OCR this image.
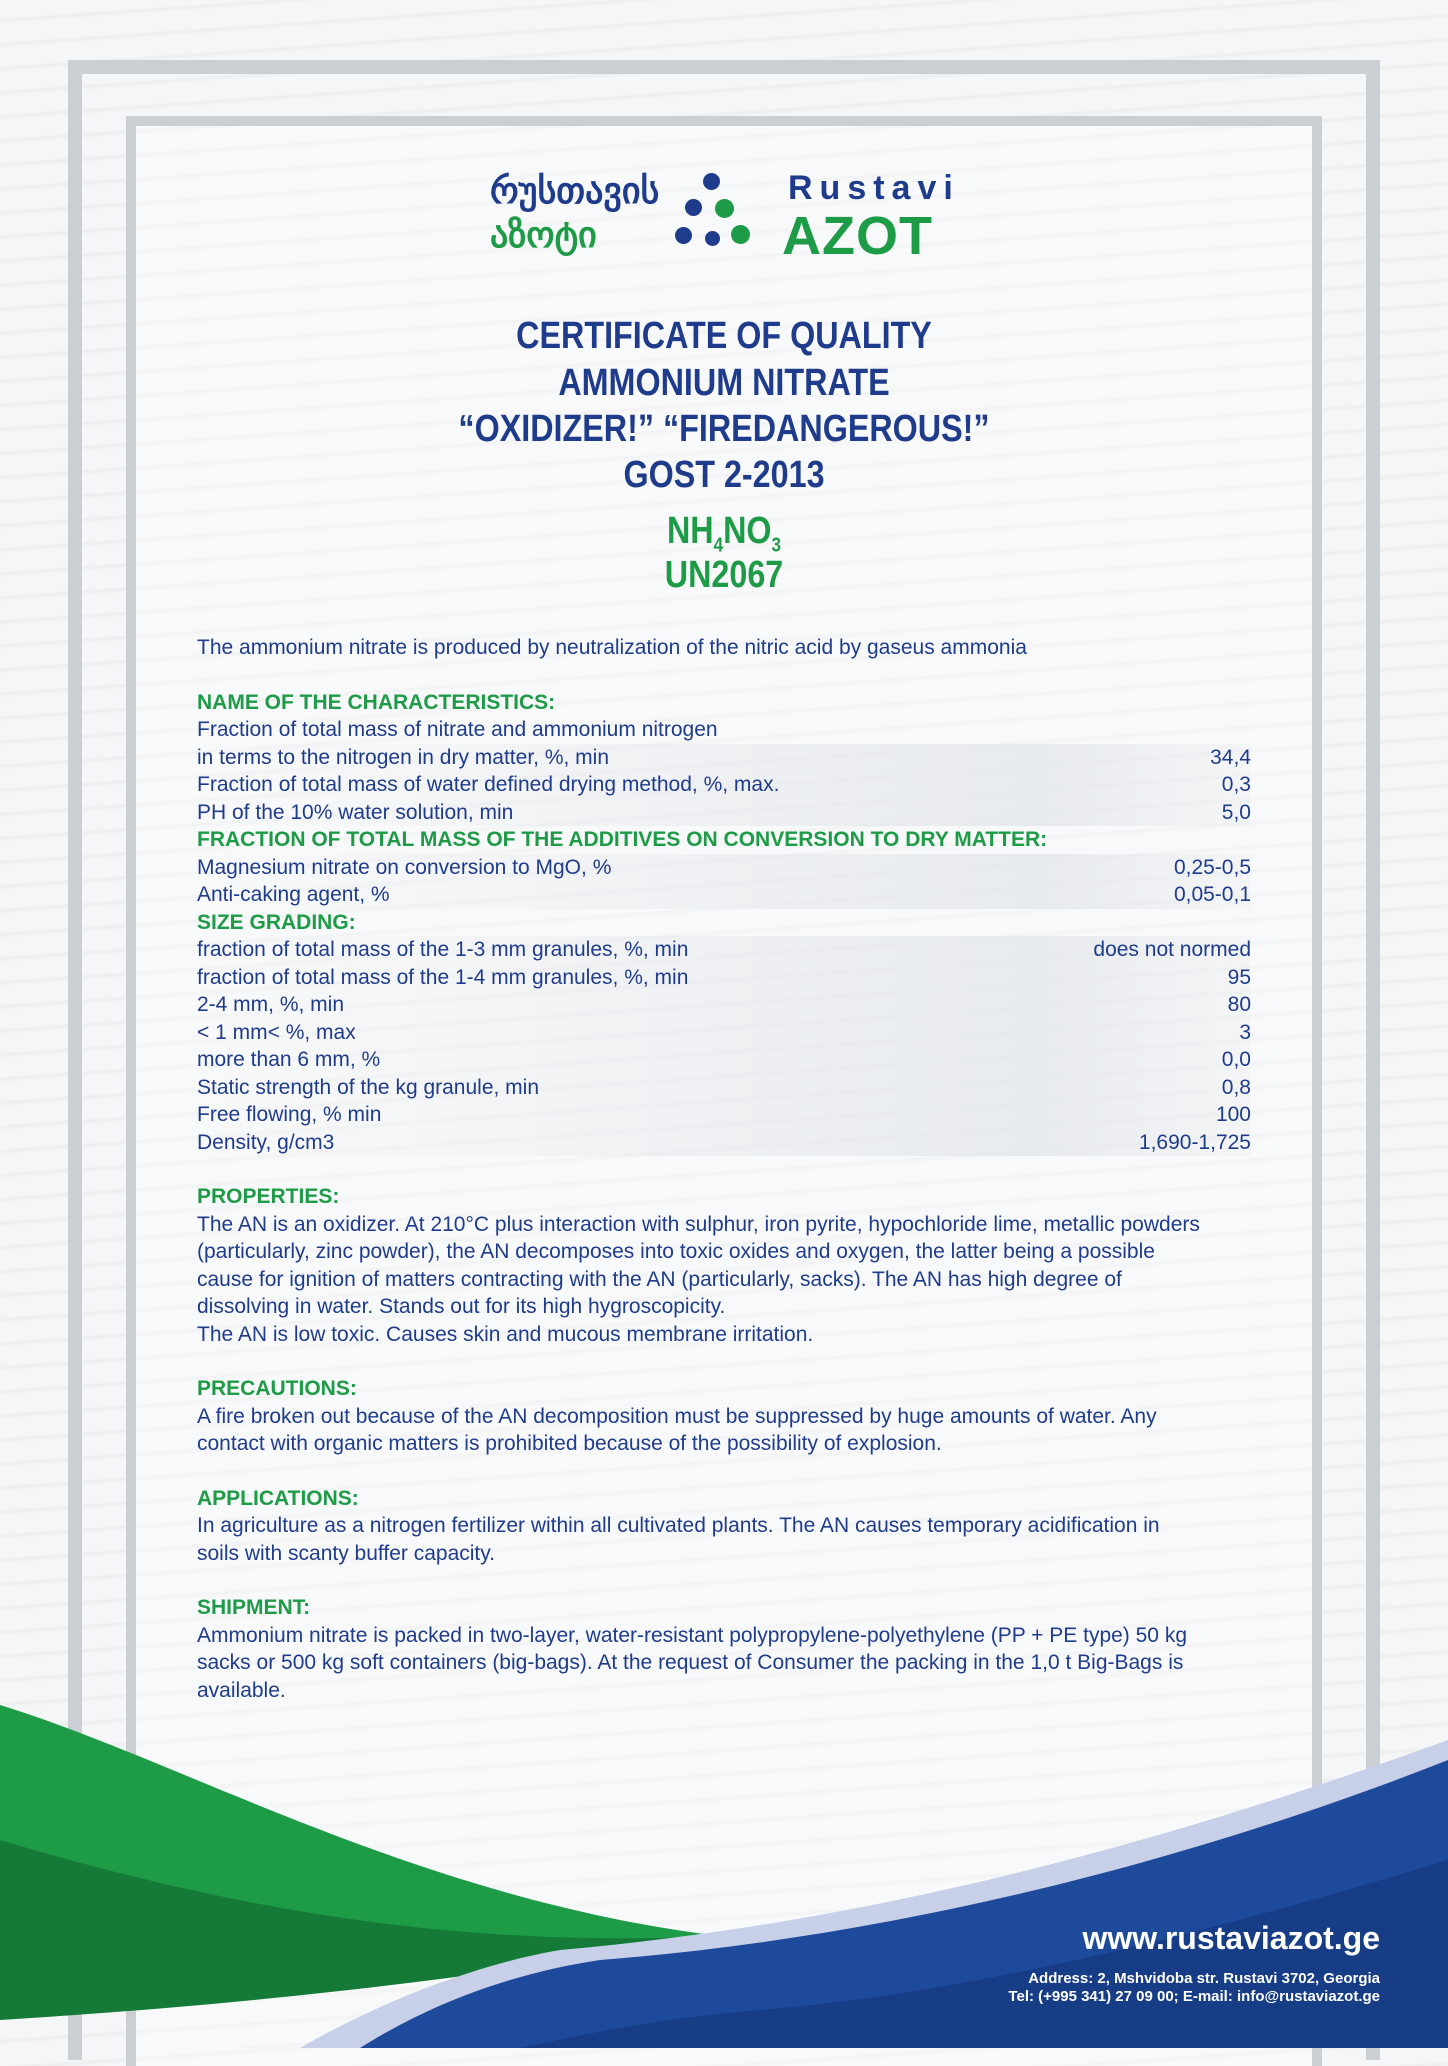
რუსთავის
აზოტი
Rustavi
AZOT
CERTIFICATE OF QUALITY
AMMONIUM NITRATE
“OXIDIZER!” “FIREDANGEROUS!”
GOST 2-2013
$NH_4NO_3$
UN2067
The ammonium nitrate is produced by neutralization of the nitric acid by gaseus ammonia
NAME OF THE CHARACTERISTICS:
Fraction of total mass of nitrate and ammonium nitrogen
in terms to the nitrogen in dry matter, %, min	34,4
Fraction of total mass of water defined drying method, %, max.	0,3
PH of the 10% water solution, min	5,0
FRACTION OF TOTAL MASS OF THE ADDITIVES ON CONVERSION TO DRY MATTER:
Magnesium nitrate on conversion to MgO, %	0,25-0,5
Anti-caking agent, %	0,05-0,1
SIZE GRADING:
fraction of total mass of the 1-3 mm granules, %, min	does not normed
fraction of total mass of the 1-4 mm granules, %, min	95
2-4 mm, %, min	80
< 1 mm< %, max	3
more than 6 mm, %	0,0
Static strength of the kg granule, min	0,8
Free flowing, % min	100
Density, g/cm3	1,690-1,725
PROPERTIES:
The AN is an oxidizer. At 210°C plus interaction with sulphur, iron pyrite, hypochloride lime, metallic powders
(particularly, zinc powder), the AN decomposes into toxic oxides and oxygen, the latter being a possible
cause for ignition of matters contracting with the AN (particularly, sacks). The AN has high degree of
dissolving in water. Stands out for its high hygroscopicity.
The AN is low toxic. Causes skin and mucous membrane irritation.
PRECAUTIONS:
A fire broken out because of the AN decomposition must be suppressed by huge amounts of water. Any
contact with organic matters is prohibited because of the possibility of explosion.
APPLICATIONS:
In agriculture as a nitrogen fertilizer within all cultivated plants. The AN causes temporary acidification in
soils with scanty buffer capacity.
SHIPMENT:
Ammonium nitrate is packed in two-layer, water-resistant polypropylene-polyethylene (PP + PE type) 50 kg
sacks or 500 kg soft containers (big-bags). At the request of Consumer the packing in the 1,0 t Big-Bags is
available.
www.rustaviazot.ge
Address: 2, Mshvidoba str. Rustavi 3702, Georgia
Tel: (+995 341) 27 09 00; E-mail: info@rustaviazot.ge
